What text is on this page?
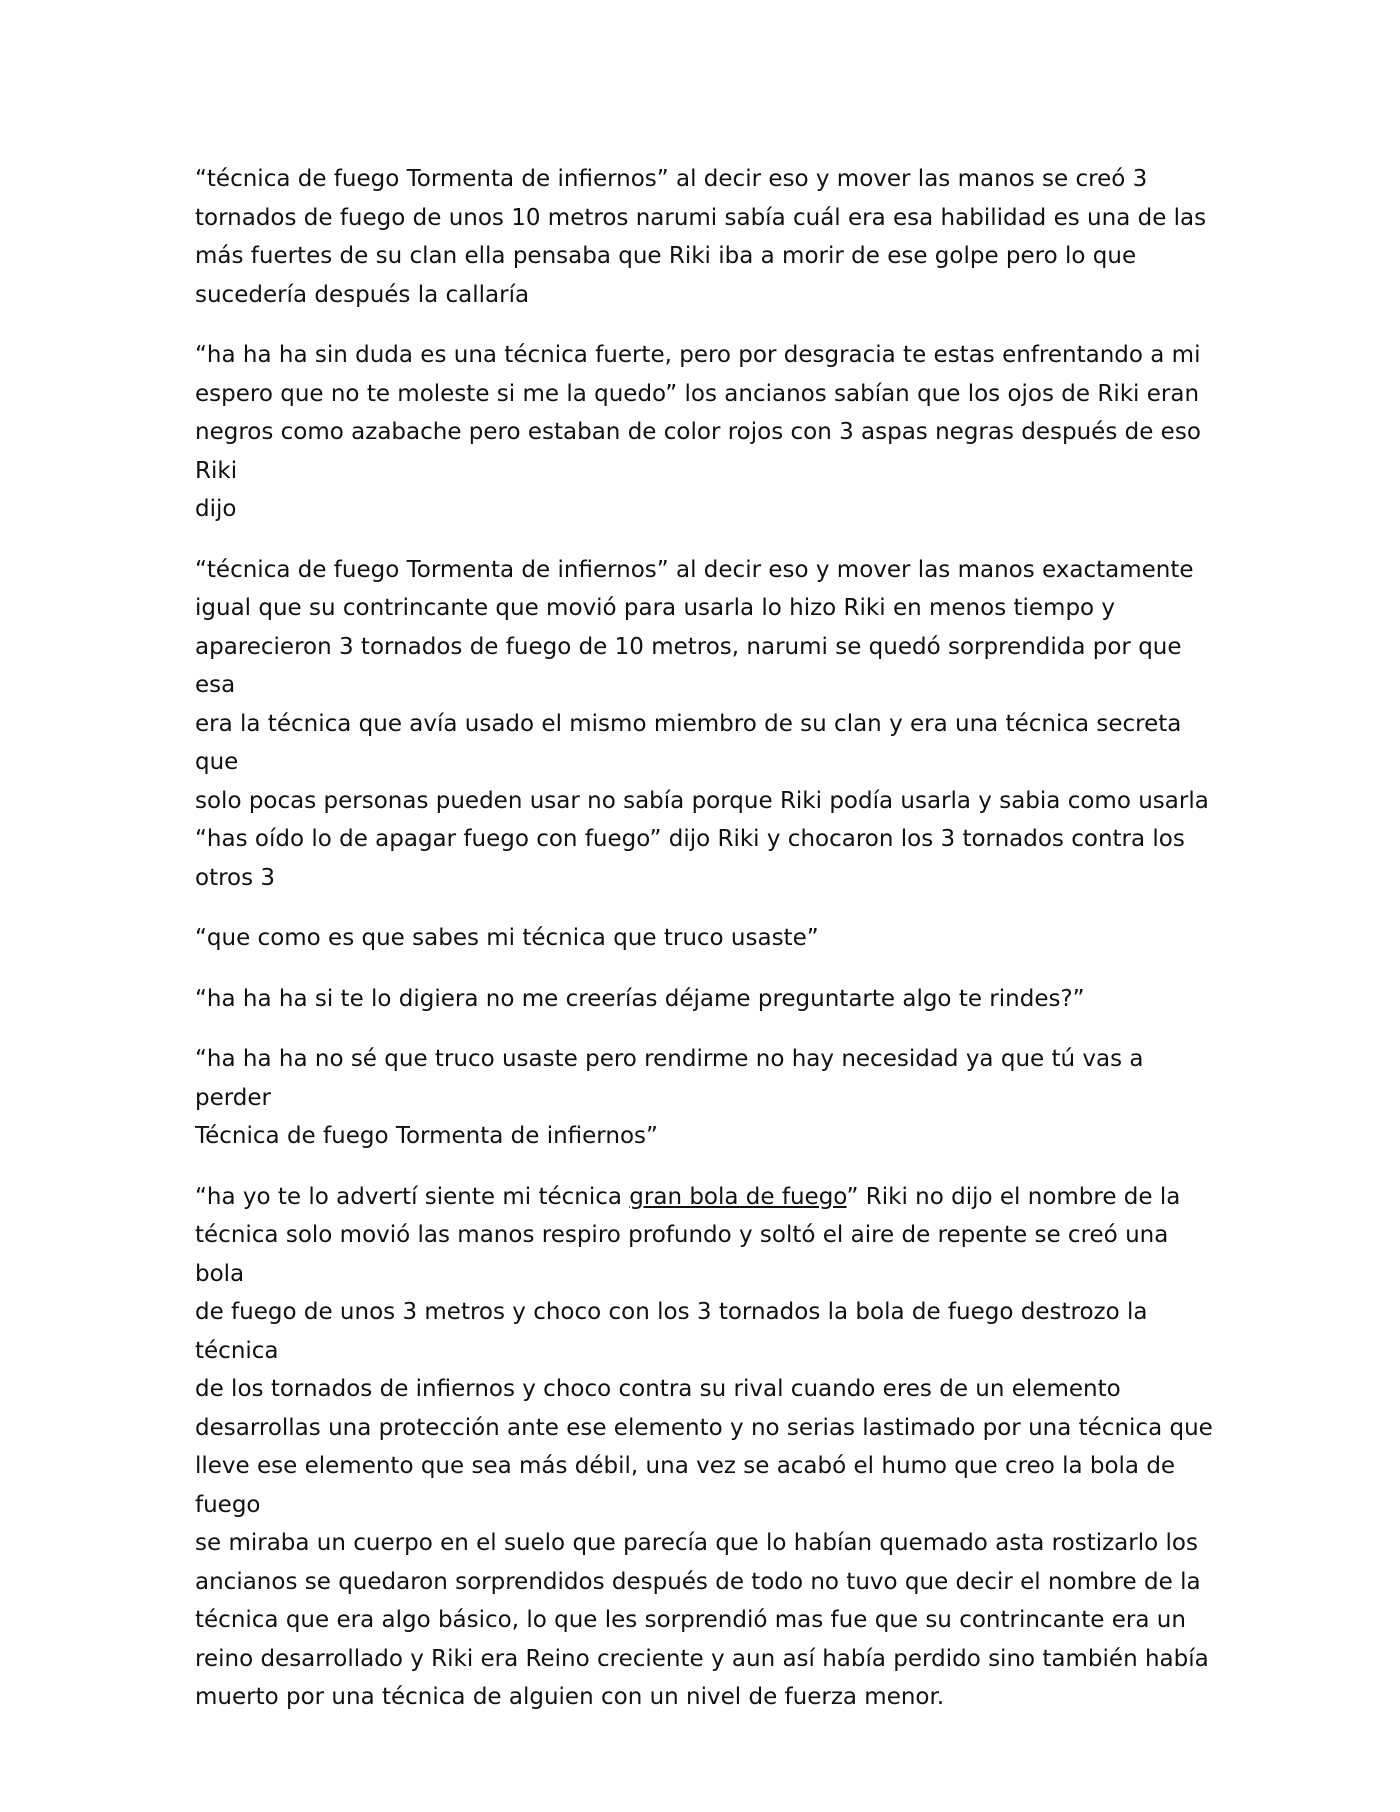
“técnica de fuego Tormenta de infiernos” al decir eso y mover las manos se creó 3
tornados de fuego de unos 10 metros narumi sabía cuál era esa habilidad es una de las
más fuertes de su clan ella pensaba que Riki iba a morir de ese golpe pero lo que
sucedería después la callaría

“ha ha ha sin duda es una técnica fuerte, pero por desgracia te estas enfrentando a mi
espero que no te moleste si me la quedo” los ancianos sabían que los ojos de Riki eran
negros como azabache pero estaban de color rojos con 3 aspas negras después de eso Riki
dijo

“técnica de fuego Tormenta de infiernos” al decir eso y mover las manos exactamente
igual que su contrincante que movió para usarla lo hizo Riki en menos tiempo y
aparecieron 3 tornados de fuego de 10 metros, narumi se quedó sorprendida por que esa
era la técnica que avía usado el mismo miembro de su clan y era una técnica secreta que
solo pocas personas pueden usar no sabía porque Riki podía usarla y sabia como usarla
“has oído lo de apagar fuego con fuego” dijo Riki y chocaron los 3 tornados contra los
otros 3

“que como es que sabes mi técnica que truco usaste”

“ha ha ha si te lo digiera no me creerías déjame preguntarte algo te rindes?”

“ha ha ha no sé que truco usaste pero rendirme no hay necesidad ya que tú vas a perder
Técnica de fuego Tormenta de infiernos”

“ha yo te lo advertí siente mi técnica gran bola de fuego” Riki no dijo el nombre de la
técnica solo movió las manos respiro profundo y soltó el aire de repente se creó una bola
de fuego de unos 3 metros y choco con los 3 tornados la bola de fuego destrozo la técnica
de los tornados de infiernos y choco contra su rival cuando eres de un elemento
desarrollas una protección ante ese elemento y no serias lastimado por una técnica que
lleve ese elemento que sea más débil, una vez se acabó el humo que creo la bola de fuego
se miraba un cuerpo en el suelo que parecía que lo habían quemado asta rostizarlo los
ancianos se quedaron sorprendidos después de todo no tuvo que decir el nombre de la
técnica que era algo básico, lo que les sorprendió mas fue que su contrincante era un
reino desarrollado y Riki era Reino creciente y aun así había perdido sino también había
muerto por una técnica de alguien con un nivel de fuerza menor.
